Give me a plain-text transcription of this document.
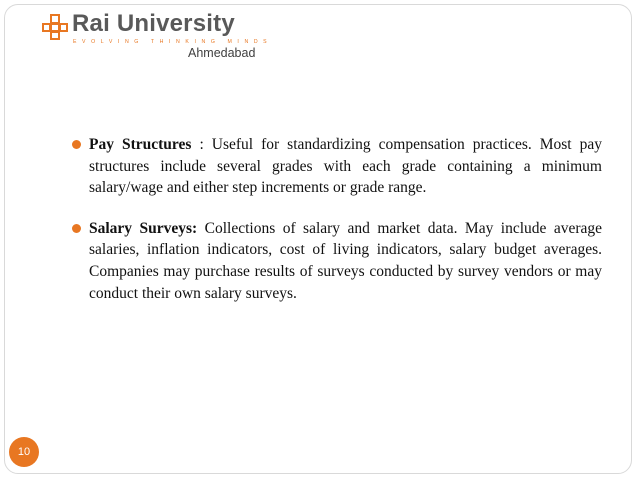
Rai University
EVOLVING THINKING MINDS
Ahmedabad
Pay Structures : Useful for standardizing compensation practices. Most pay structures include several grades with each grade containing a minimum salary/wage and either step increments or grade range.
Salary Surveys: Collections of salary and market data. May include average salaries, inflation indicators, cost of living indicators, salary budget averages. Companies may purchase results of surveys conducted by survey vendors or may conduct their own salary surveys.
10
